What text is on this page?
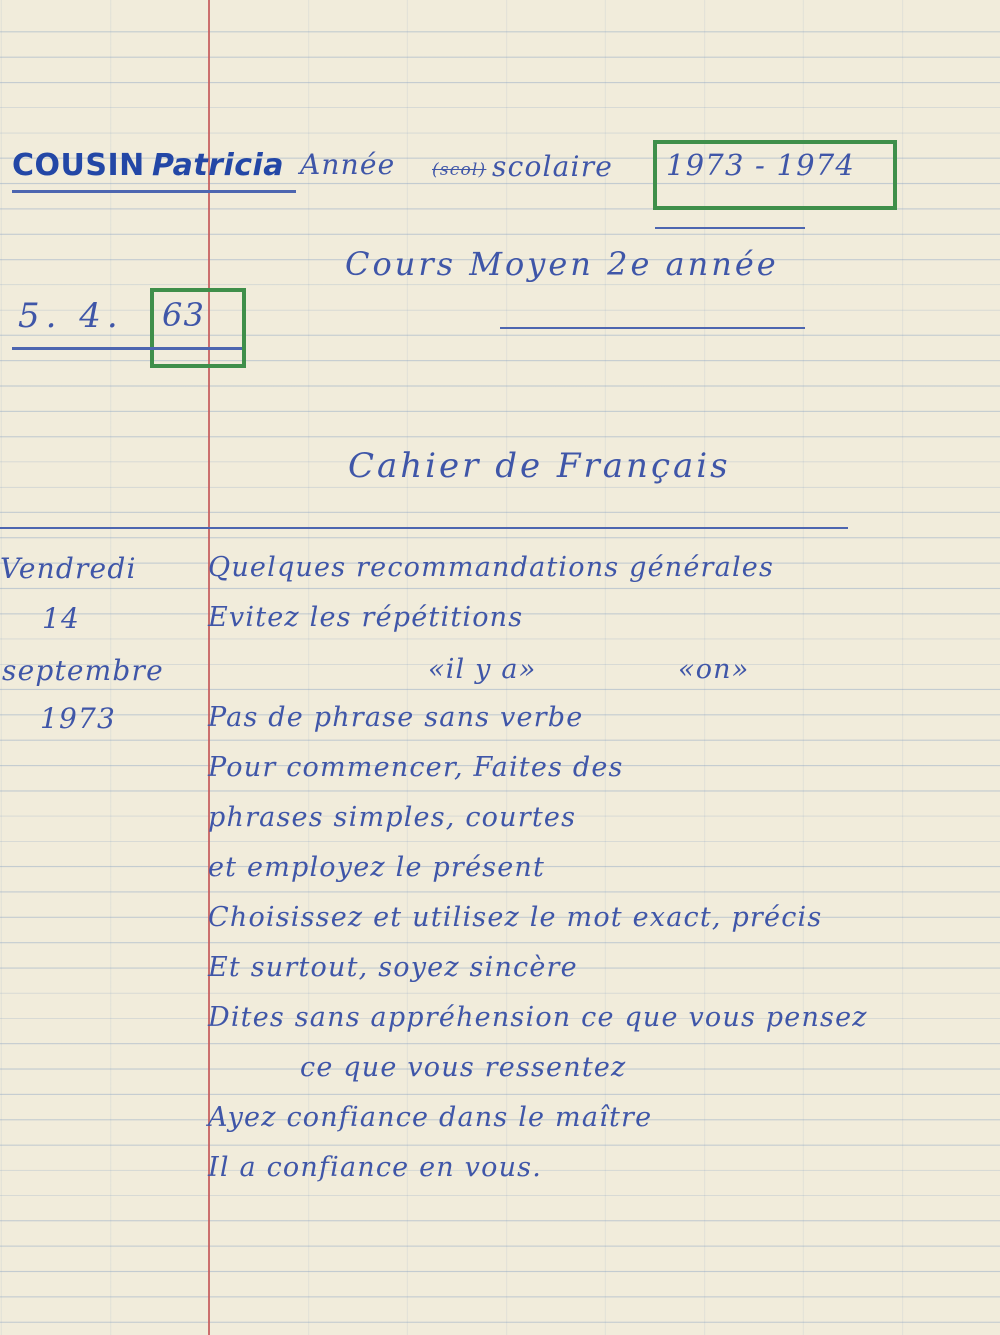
COUSIN Patricia Année (scol) scolaire 1973 - 1974
Cours Moyen 2e année
5. 4. 63
Cahier de Français
Vendredi
14
septembre
1973
Quelques recommandations générales
Evitez les répétitions
«il y a»	«on»
Pas de phrase sans verbe
Pour commencer, Faites des
phrases simples, courtes
et employez le présent
Choisissez et utilisez le mot exact, précis
Et surtout, soyez sincère
Dites sans appréhension ce que vous pensez
ce que vous ressentez
Ayez confiance dans le maître
Il a confiance en vous.
